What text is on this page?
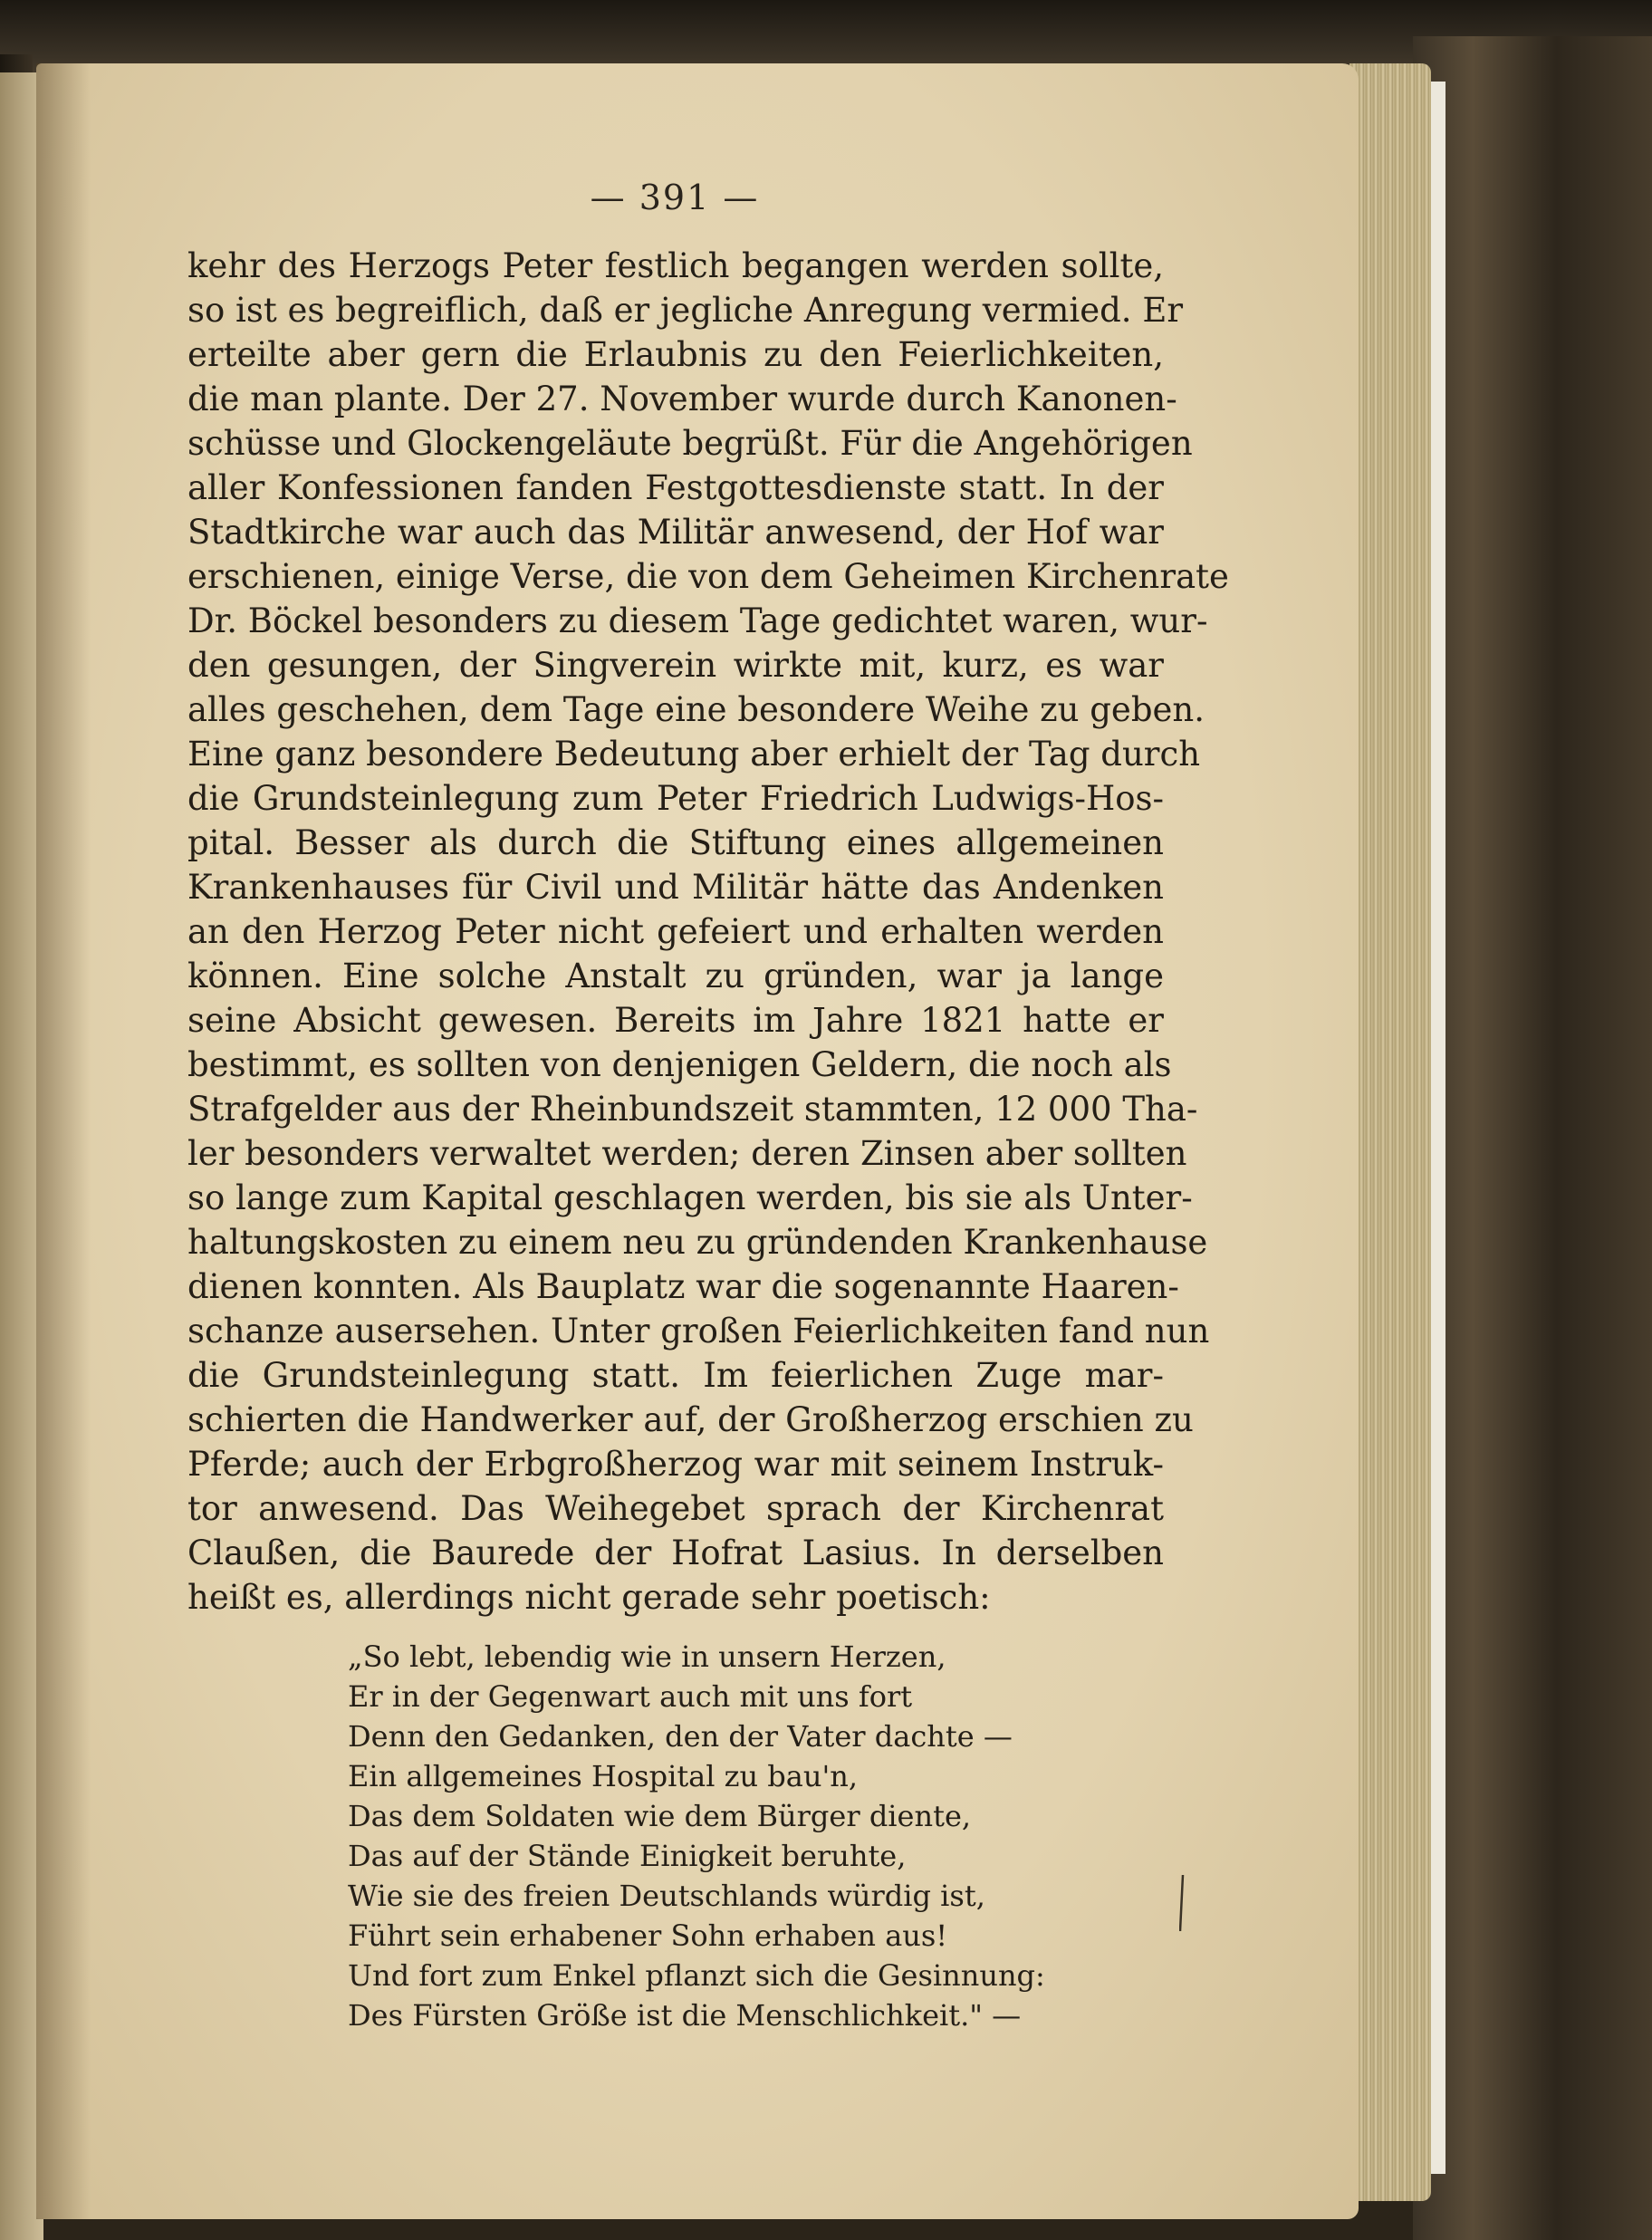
— 391 —
kehr des Herzogs Peter festlich begangen werden sollte,
so ist es begreiflich, daß er jegliche Anregung vermied. Er
erteilte aber gern die Erlaubnis zu den Feierlichkeiten,
die man plante. Der 27. November wurde durch Kanonen-
schüsse und Glockengeläute begrüßt. Für die Angehörigen
aller Konfessionen fanden Festgottesdienste statt. In der
Stadtkirche war auch das Militär anwesend, der Hof war
erschienen, einige Verse, die von dem Geheimen Kirchenrate
Dr. Böckel besonders zu diesem Tage gedichtet waren, wur-
den gesungen, der Singverein wirkte mit, kurz, es war
alles geschehen, dem Tage eine besondere Weihe zu geben.
Eine ganz besondere Bedeutung aber erhielt der Tag durch
die Grundsteinlegung zum Peter Friedrich Ludwigs-Hos-
pital. Besser als durch die Stiftung eines allgemeinen
Krankenhauses für Civil und Militär hätte das Andenken
an den Herzog Peter nicht gefeiert und erhalten werden
können. Eine solche Anstalt zu gründen, war ja lange
seine Absicht gewesen. Bereits im Jahre 1821 hatte er
bestimmt, es sollten von denjenigen Geldern, die noch als
Strafgelder aus der Rheinbundszeit stammten, 12 000 Tha-
ler besonders verwaltet werden; deren Zinsen aber sollten
so lange zum Kapital geschlagen werden, bis sie als Unter-
haltungskosten zu einem neu zu gründenden Krankenhause
dienen konnten. Als Bauplatz war die sogenannte Haaren-
schanze ausersehen. Unter großen Feierlichkeiten fand nun
die Grundsteinlegung statt. Im feierlichen Zuge mar-
schierten die Handwerker auf, der Großherzog erschien zu
Pferde; auch der Erbgroßherzog war mit seinem Instruk-
tor anwesend. Das Weihegebet sprach der Kirchenrat
Claußen, die Baurede der Hofrat Lasius. In derselben
heißt es, allerdings nicht gerade sehr poetisch:
„So lebt, lebendig wie in unsern Herzen,
Er in der Gegenwart auch mit uns fort
Denn den Gedanken, den der Vater dachte —
Ein allgemeines Hospital zu bau'n,
Das dem Soldaten wie dem Bürger diente,
Das auf der Stände Einigkeit beruhte,
Wie sie des freien Deutschlands würdig ist,
Führt sein erhabener Sohn erhaben aus!
Und fort zum Enkel pflanzt sich die Gesinnung:
Des Fürsten Größe ist die Menschlichkeit." —
